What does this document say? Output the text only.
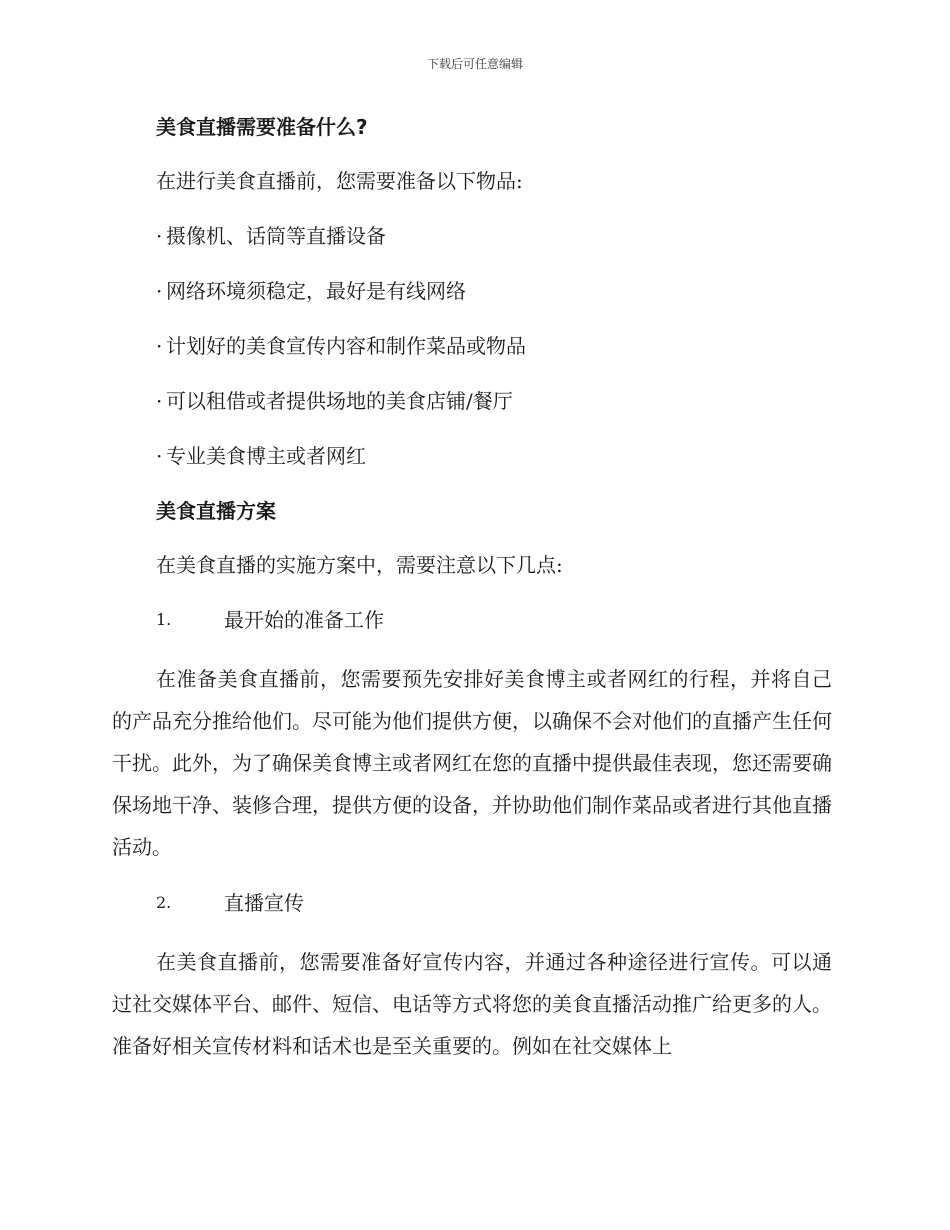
下载后可任意编辑
美食直播需要准备什么?
在进行美食直播前，您需要准备以下物品:
· 摄像机、话筒等直播设备
· 网络环境须稳定，最好是有线网络
· 计划好的美食宣传内容和制作菜品或物品
· 可以租借或者提供场地的美食店铺/餐厅
· 专业美食博主或者网红
美食直播方案
在美食直播的实施方案中，需要注意以下几点:
1.	最开始的准备工作

在准备美食直播前，您需要预先安排好美食博主或者网红的行程，并将自己的产品充分推给他们。尽可能为他们提供方便，以确保不会对他们的直播产生任何干扰。此外，为了确保美食博主或者网红在您的直播中提供最佳表现，您还需要确保场地干净、装修合理，提供方便的设备，并协助他们制作菜品或者进行其他直播活动。

2.	直播宣传

在美食直播前，您需要准备好宣传内容，并通过各种途径进行宣传。可以通过社交媒体平台、邮件、短信、电话等方式将您的美食直播活动推广给更多的人。准备好相关宣传材料和话术也是至关重要的。例如在社交媒体上
